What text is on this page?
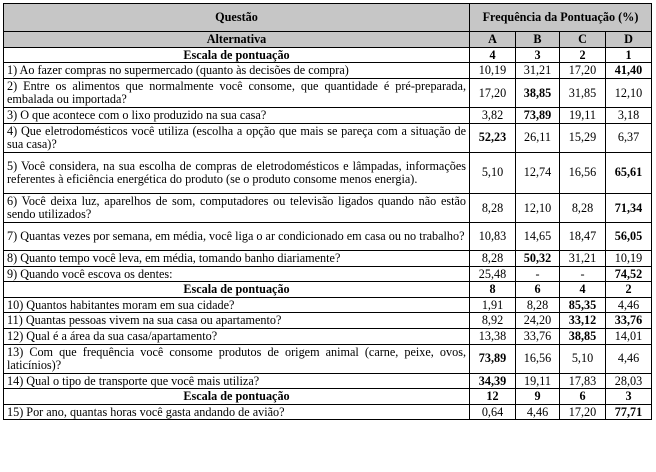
Questão	Frequência da Pontuação (%)			
Alternativa	A	B	C	D
Escala de pontuação	4	3	2	1
1) Ao fazer compras no supermercado (quanto às decisões de compra)	10,19	31,21	17,20	41,40
2) Entre os alimentos que normalmente você consome, que quantidade é pré-preparada, embalada ou importada?	17,20	38,85	31,85	12,10
3) O que acontece com o lixo produzido na sua casa?	3,82	73,89	19,11	3,18
4) Que eletrodomésticos você utiliza (escolha a opção que mais se pareça com a situação de sua casa)?	52,23	26,11	15,29	6,37
5) Você considera, na sua escolha de compras de eletrodomésticos e lâmpadas, informações referentes à eficiência energética do produto (se o produto consome menos energia).	5,10	12,74	16,56	65,61
6) Você deixa luz, aparelhos de som, computadores ou televisão ligados quando não estão sendo utilizados?	8,28	12,10	8,28	71,34
7) Quantas vezes por semana, em média, você liga o ar condicionado em casa ou no trabalho?	10,83	14,65	18,47	56,05
8) Quanto tempo você leva, em média, tomando banho diariamente?	8,28	50,32	31,21	10,19
9) Quando você escova os dentes:	25,48	-	-	74,52
Escala de pontuação	8	6	4	2
10) Quantos habitantes moram em sua cidade?	1,91	8,28	85,35	4,46
11) Quantas pessoas vivem na sua casa ou apartamento?	8,92	24,20	33,12	33,76
12) Qual é a área da sua casa/apartamento?	13,38	33,76	38,85	14,01
13) Com que frequência você consome produtos de origem animal (carne, peixe, ovos, laticínios)?	73,89	16,56	5,10	4,46
14) Qual o tipo de transporte que você mais utiliza?	34,39	19,11	17,83	28,03
Escala de pontuação	12	9	6	3
15) Por ano, quantas horas você gasta andando de avião?	0,64	4,46	17,20	77,71
